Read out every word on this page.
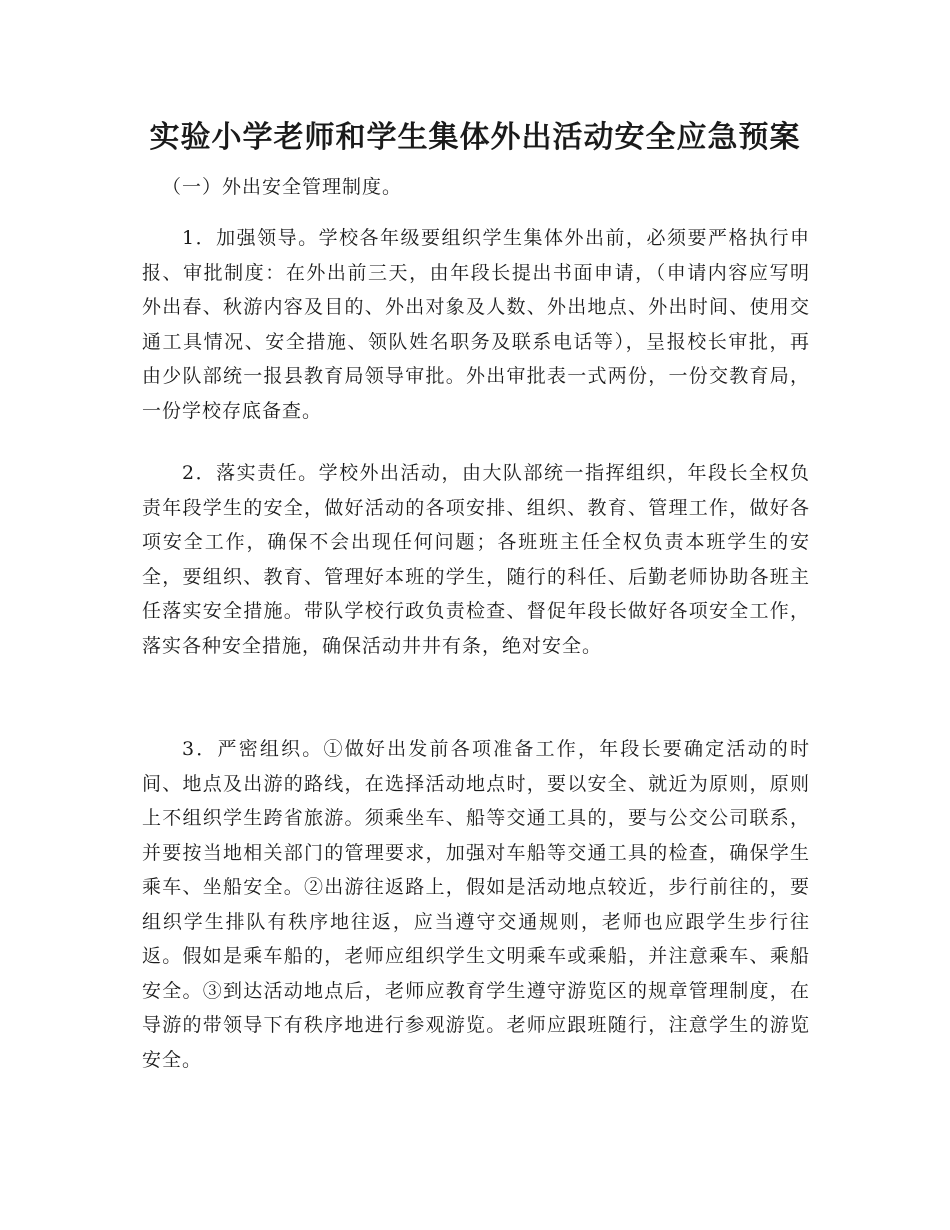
实验小学老师和学生集体外出活动安全应急预案

（一）外出安全管理制度。

1．加强领导。学校各年级要组织学生集体外出前，必须要严格执行申报、审批制度：在外出前三天，由年段长提出书面申请，（申请内容应写明外出春、秋游内容及目的、外出对象及人数、外出地点、外出时间、使用交通工具情况、安全措施、领队姓名职务及联系电话等），呈报校长审批，再由少队部统一报县教育局领导审批。外出审批表一式两份，一份交教育局，一份学校存底备查。

2．落实责任。学校外出活动，由大队部统一指挥组织，年段长全权负责年段学生的安全，做好活动的各项安排、组织、教育、管理工作，做好各项安全工作，确保不会出现任何问题；各班班主任全权负责本班学生的安全，要组织、教育、管理好本班的学生，随行的科任、后勤老师协助各班主任落实安全措施。带队学校行政负责检查、督促年段长做好各项安全工作，落实各种安全措施，确保活动井井有条，绝对安全。

3．严密组织。①做好出发前各项准备工作，年段长要确定活动的时间、地点及出游的路线，在选择活动地点时，要以安全、就近为原则，原则上不组织学生跨省旅游。须乘坐车、船等交通工具的，要与公交公司联系，并要按当地相关部门的管理要求，加强对车船等交通工具的检查，确保学生乘车、坐船安全。②出游往返路上，假如是活动地点较近，步行前往的，要组织学生排队有秩序地往返，应当遵守交通规则，老师也应跟学生步行往返。假如是乘车船的，老师应组织学生文明乘车或乘船，并注意乘车、乘船安全。③到达活动地点后，老师应教育学生遵守游览区的规章管理制度，在导游的带领导下有秩序地进行参观游览。老师应跟班随行，注意学生的游览安全。
